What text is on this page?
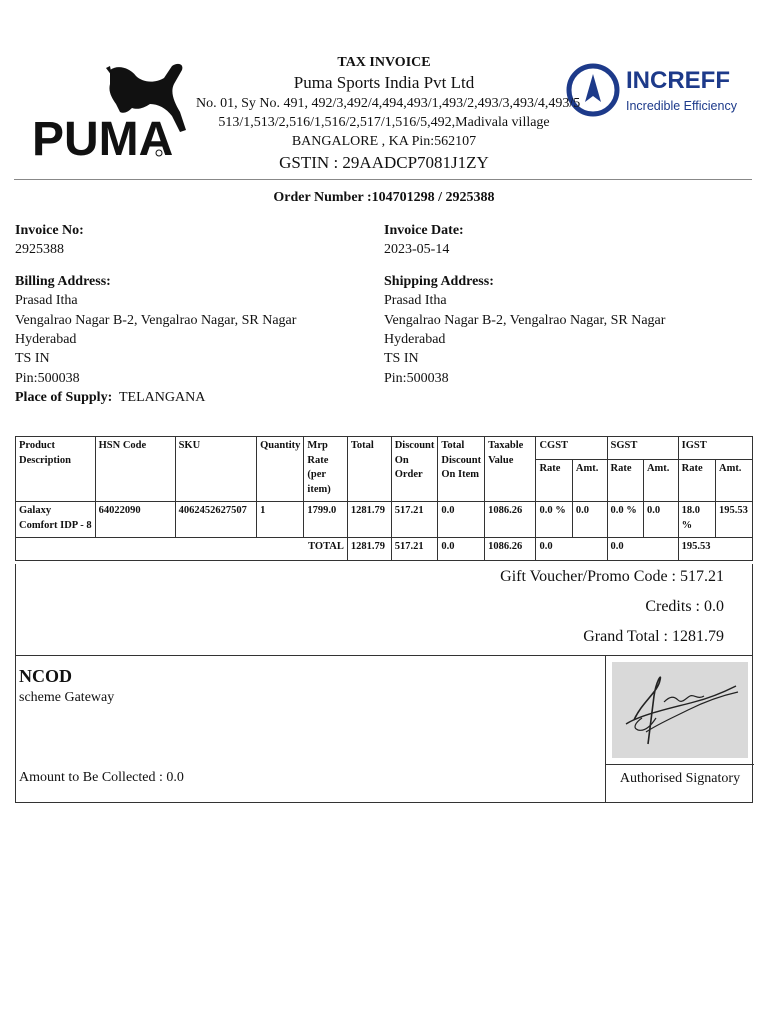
PUMA
INCREFF
Incredible Efficiency
TAX INVOICE
Puma Sports India Pvt Ltd
No. 01, Sy No. 491, 492/3,492/4,494,493/1,493/2,493/3,493/4,493/5
513/1,513/2,516/1,516/2,517/1,516/5,492,Madivala village
BANGALORE , KA Pin:562107
GSTIN : 29AADCP7081J1ZY
Order Number :104701298 / 2925388
Invoice No:
2925388
Billing Address:
Prasad Itha
Vengalrao Nagar B-2, Vengalrao Nagar, SR Nagar
Hyderabad
TS IN
Pin:500038
Place of Supply: TELANGANA
Invoice Date:
2023-05-14
Shipping Address:
Prasad Itha
Vengalrao Nagar B-2, Vengalrao Nagar, SR Nagar
Hyderabad
TS IN
Pin:500038
Product Description	HSN Code	SKU	Quantity	Mrp Rate (per item)	Total	Discount On Order	Total Discount On Item	Taxable Value	CGST		SGST		IGST	
									Rate	Amt.	Rate	Amt.	Rate	Amt.
Galaxy Comfort IDP - 8	64022090	4062452627507	1	1799.0	1281.79	517.21	0.0	1086.26	0.0 %	0.0	0.0 %	0.0	18.0 %	195.53
TOTAL					1281.79	517.21	0.0	1086.26	0.0		0.0		195.53	
Gift Voucher/Promo Code : 517.21
Credits : 0.0
Grand Total : 1281.79
NCOD
scheme Gateway
Amount to Be Collected : 0.0	Authorised Signatory
